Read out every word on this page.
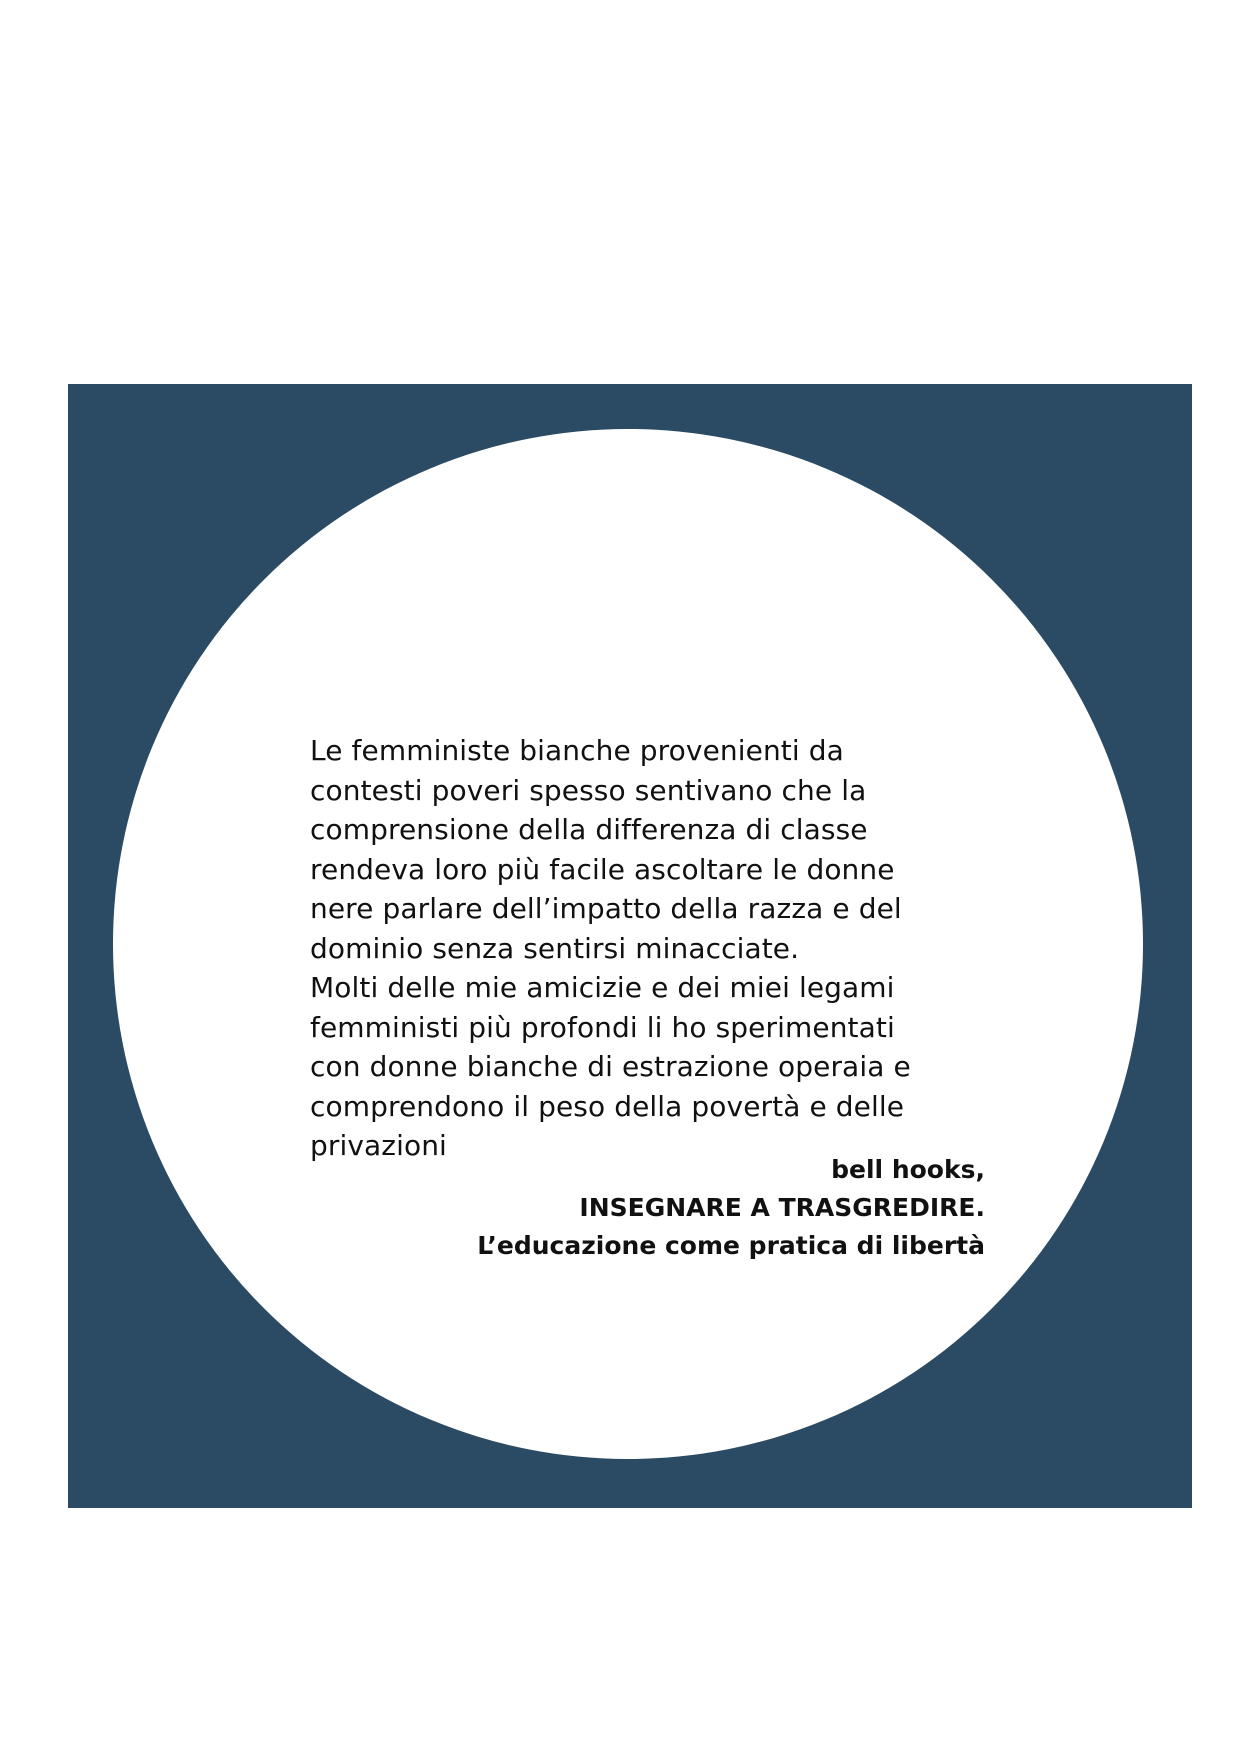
Le femministe bianche provenienti da
contesti poveri spesso sentivano che la
comprensione della differenza di classe
rendeva loro più facile ascoltare le donne
nere parlare dell’impatto della razza e del
dominio senza sentirsi minacciate.
Molti delle mie amicizie e dei miei legami
femministi più profondi li ho sperimentati
con donne bianche di estrazione operaia e
comprendono il peso della povertà e delle
privazioni
bell hooks,
INSEGNARE A TRASGREDIRE.
L’educazione come pratica di libertà
